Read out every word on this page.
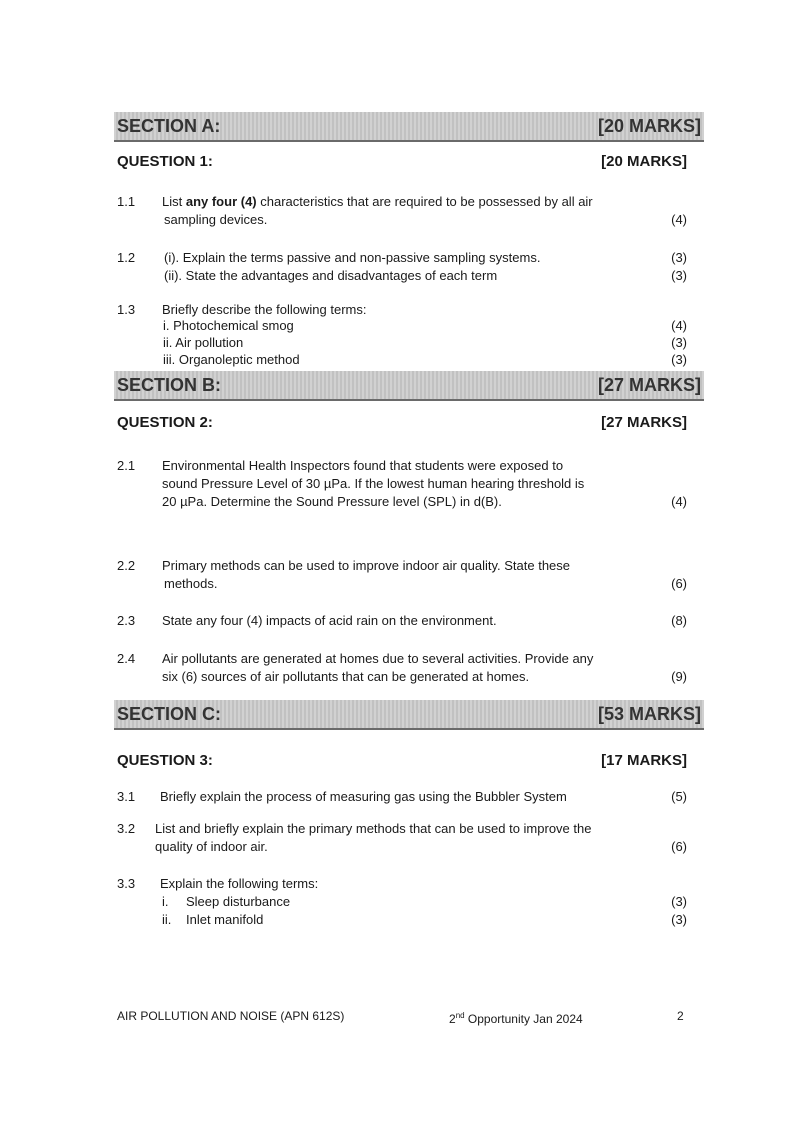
SECTION A:	[20 MARKS]
QUESTION 1:	[20 MARKS]
1.1 List any four (4) characteristics that are required to be possessed by all air
sampling devices.	(4)
1.2 (i). Explain the terms passive and non-passive sampling systems.	(3)
(ii). State the advantages and disadvantages of each term	(3)
1.3 Briefly describe the following terms:
i. Photochemical smog	(4)
ii. Air pollution	(3)
iii. Organoleptic method	(3)
SECTION B:	[27 MARKS]
QUESTION 2:	[27 MARKS]
2.1 Environmental Health Inspectors found that students were exposed to
sound Pressure Level of 30 µPa. If the lowest human hearing threshold is
20 µPa. Determine the Sound Pressure level (SPL) in d(B).	(4)
2.2 Primary methods can be used to improve indoor air quality. State these
methods.	(6)
2.3 State any four (4) impacts of acid rain on the environment.	(8)
2.4 Air pollutants are generated at homes due to several activities. Provide any
six (6) sources of air pollutants that can be generated at homes.	(9)
SECTION C:	[53 MARKS]
QUESTION 3:	[17 MARKS]
3.1 Briefly explain the process of measuring gas using the Bubbler System	(5)
3.2 List and briefly explain the primary methods that can be used to improve the
quality of indoor air.	(6)
3.3 Explain the following terms:
i. Sleep disturbance	(3)
ii. Inlet manifold	(3)
AIR POLLUTION AND NOISE (APN 612S)	2nd Opportunity Jan 2024	2
